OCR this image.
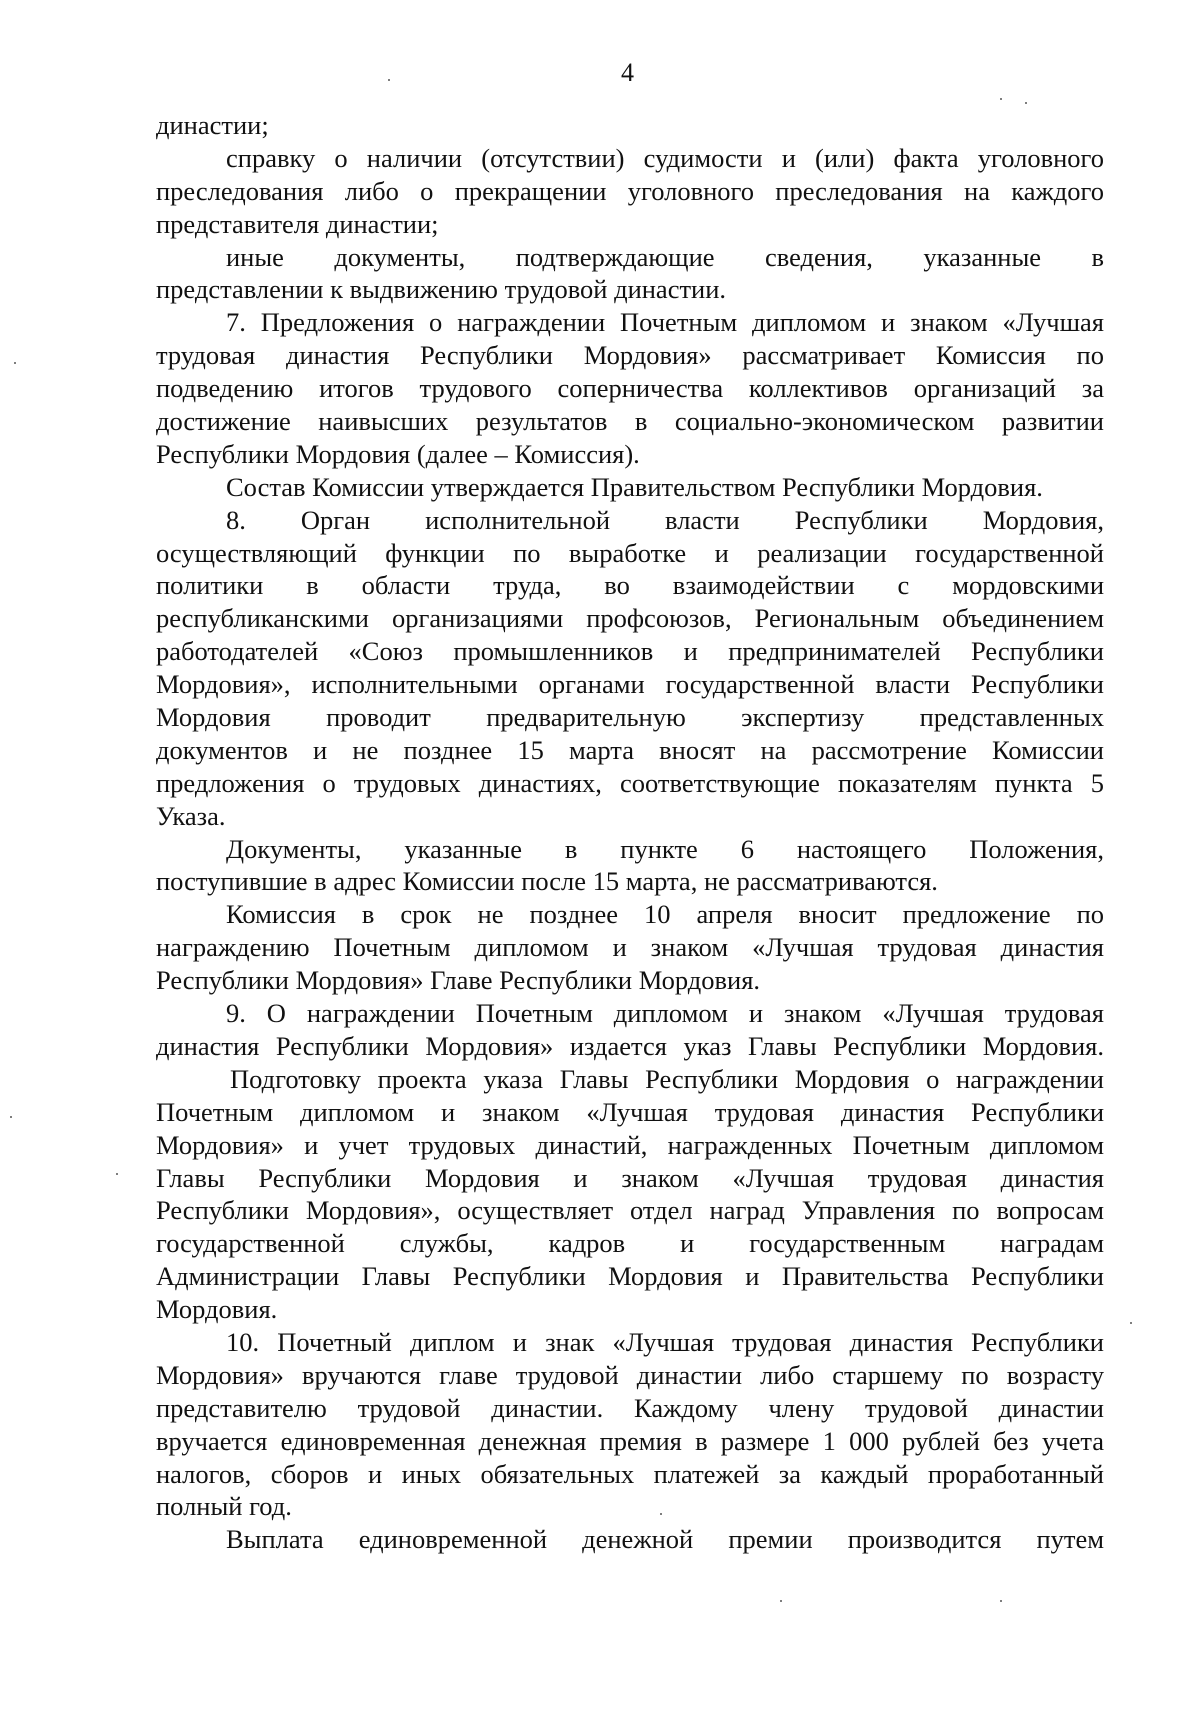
4
династии;
справку о наличии (отсутствии) судимости и (или) факта уголовного
преследования либо о прекращении уголовного преследования на каждого
представителя династии;
иные документы, подтверждающие сведения, указанные в
представлении к выдвижению трудовой династии.
7. Предложения о награждении Почетным дипломом и знаком «Лучшая
трудовая династия Республики Мордовия» рассматривает Комиссия по
подведению итогов трудового соперничества коллективов организаций за
достижение наивысших результатов в социально-экономическом развитии
Республики Мордовия (далее – Комиссия).
Состав Комиссии утверждается Правительством Республики Мордовия.
8. Орган исполнительной власти Республики Мордовия,
осуществляющий функции по выработке и реализации государственной
политики в области труда, во взаимодействии с мордовскими
республиканскими организациями профсоюзов, Региональным объединением
работодателей «Союз промышленников и предпринимателей Республики
Мордовия», исполнительными органами государственной власти Республики
Мордовия проводит предварительную экспертизу представленных
документов и не позднее 15 марта вносят на рассмотрение Комиссии
предложения о трудовых династиях, соответствующие показателям пункта 5
Указа.
Документы, указанные в пункте 6 настоящего Положения,
поступившие в адрес Комиссии после 15 марта, не рассматриваются.
Комиссия в срок не позднее 10 апреля вносит предложение по
награждению Почетным дипломом и знаком «Лучшая трудовая династия
Республики Мордовия» Главе Республики Мордовия.
9. О награждении Почетным дипломом и знаком «Лучшая трудовая
династия Республики Мордовия» издается указ Главы Республики Мордовия.
Подготовку проекта указа Главы Республики Мордовия о награждении
Почетным дипломом и знаком «Лучшая трудовая династия Республики
Мордовия» и учет трудовых династий, награжденных Почетным дипломом
Главы Республики Мордовия и знаком «Лучшая трудовая династия
Республики Мордовия», осуществляет отдел наград Управления по вопросам
государственной службы, кадров и государственным наградам
Администрации Главы Республики Мордовия и Правительства Республики
Мордовия.
10. Почетный диплом и знак «Лучшая трудовая династия Республики
Мордовия» вручаются главе трудовой династии либо старшему по возрасту
представителю трудовой династии. Каждому члену трудовой династии
вручается единовременная денежная премия в размере 1 000 рублей без учета
налогов, сборов и иных обязательных платежей за каждый проработанный
полный год.
Выплата единовременной денежной премии производится путем
